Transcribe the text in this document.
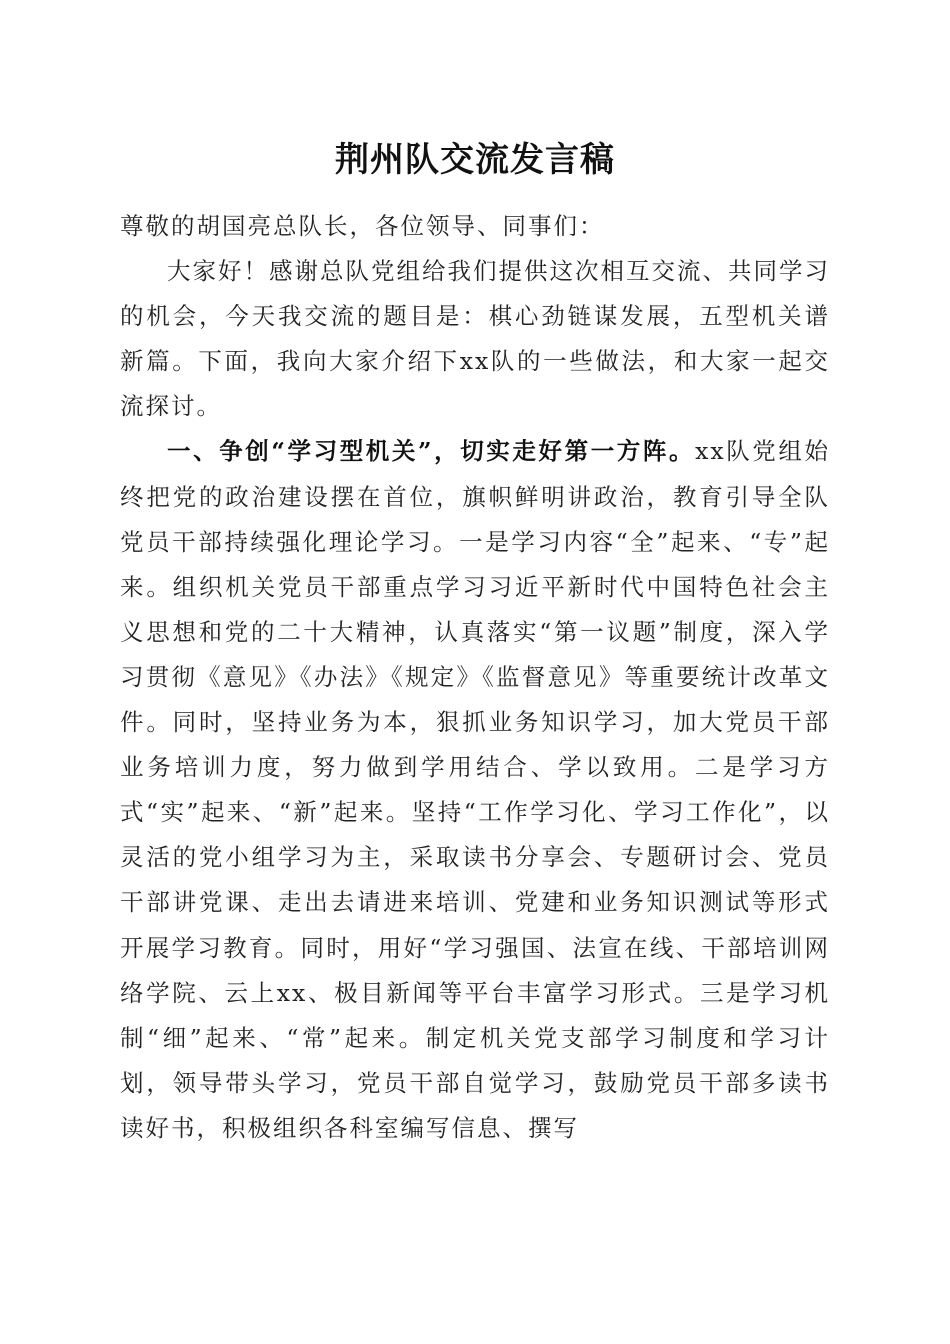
荆州队交流发言稿

尊敬的胡国亮总队长，各位领导、同事们：

大家好！感谢总队党组给我们提供这次相互交流、共同学习的机会，今天我交流的题目是：棋心劲链谋发展，五型机关谱新篇。下面，我向大家介绍下xx队的一些做法，和大家一起交流探讨。

一、争创“学习型机关”，切实走好第一方阵。xx队党组始终把党的政治建设摆在首位，旗帜鲜明讲政治，教育引导全队党员干部持续强化理论学习。一是学习内容“全”起来、“专”起来。组织机关党员干部重点学习习近平新时代中国特色社会主义思想和党的二十大精神，认真落实“第一议题”制度，深入学习贯彻《意见》《办法》《规定》《监督意见》等重要统计改革文件。同时，坚持业务为本，狠抓业务知识学习，加大党员干部业务培训力度，努力做到学用结合、学以致用。二是学习方式“实”起来、“新”起来。坚持“工作学习化、学习工作化”，以灵活的党小组学习为主，采取读书分享会、专题研讨会、党员干部讲党课、走出去请进来培训、党建和业务知识测试等形式开展学习教育。同时，用好“学习强国、法宣在线、干部培训网络学院、云上xx、极目新闻等平台丰富学习形式。三是学习机制“细”起来、“常”起来。制定机关党支部学习制度和学习计划，领导带头学习，党员干部自觉学习，鼓励党员干部多读书读好书，积极组织各科室编写信息、撰写
